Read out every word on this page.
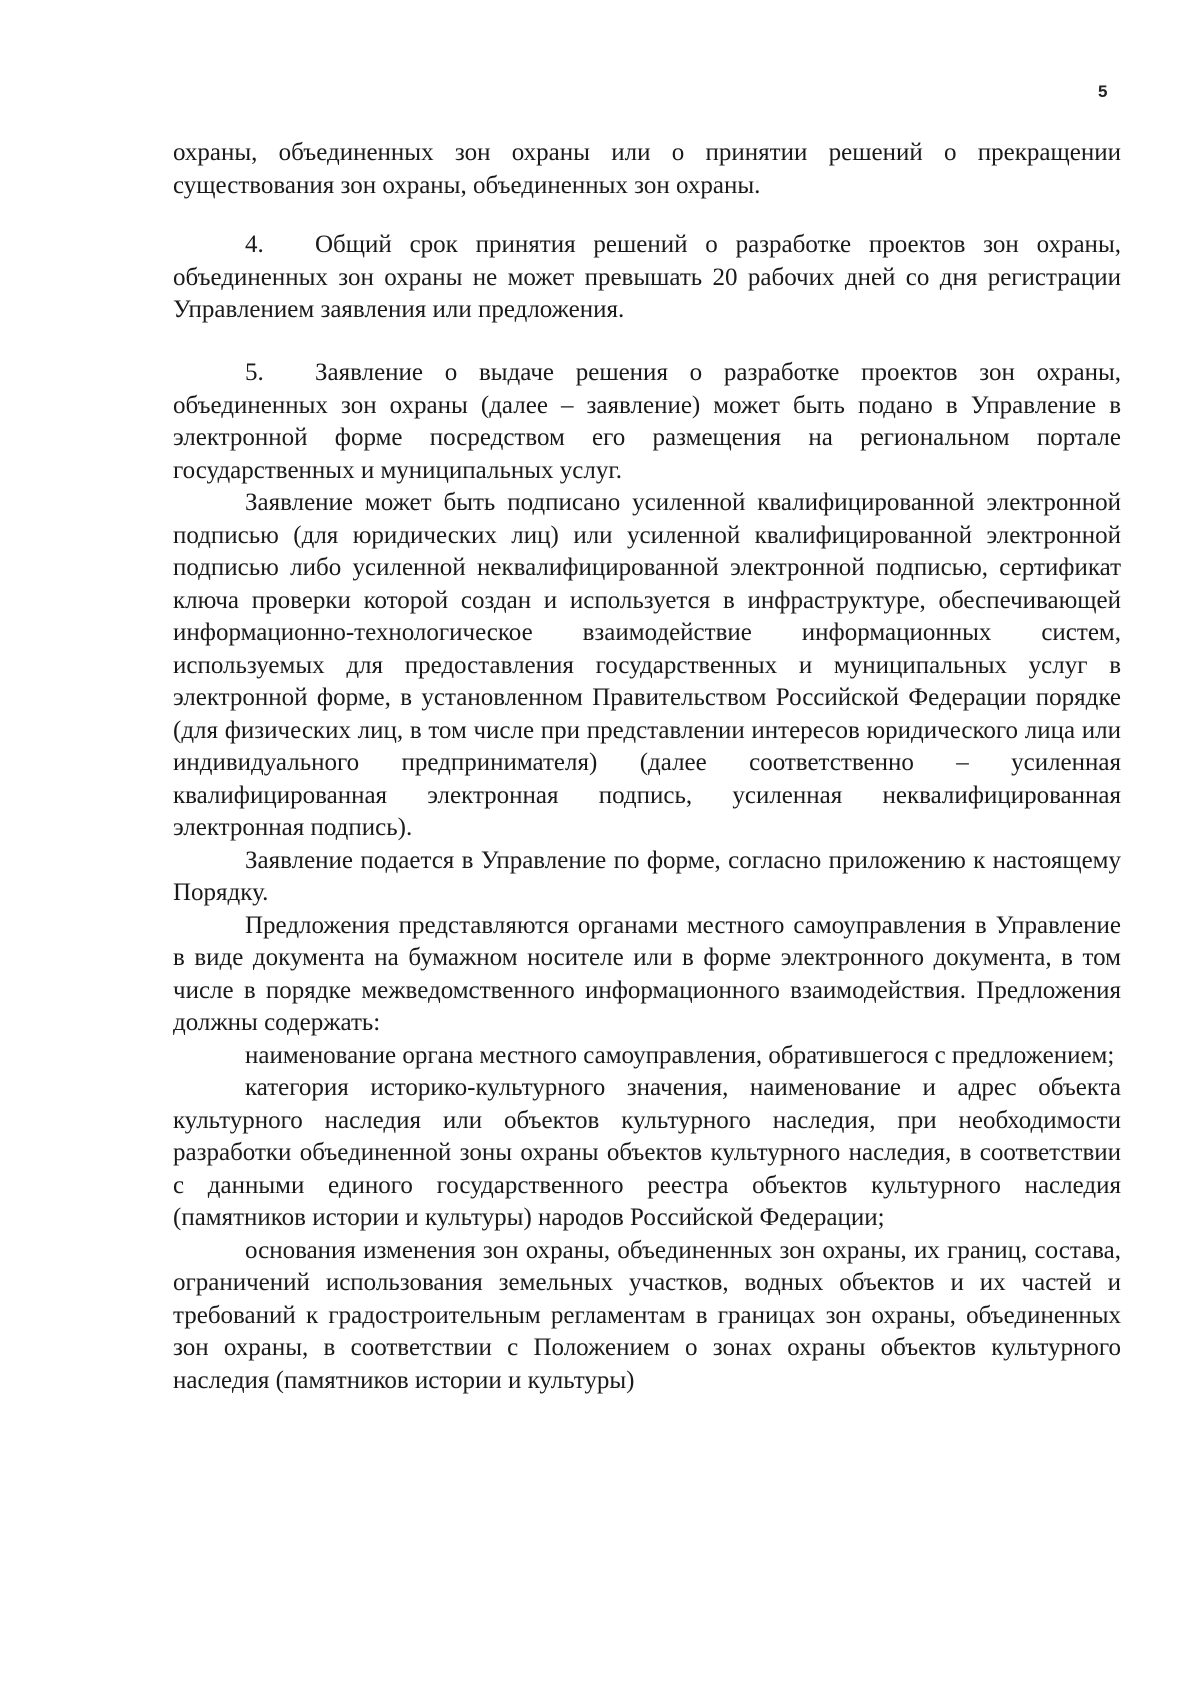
5

охраны, объединенных зон охраны или о принятии решений о прекращении существования зон охраны, объединенных зон охраны.

4. Общий срок принятия решений о разработке проектов зон охраны, объединенных зон охраны не может превышать 20 рабочих дней со дня регистрации Управлением заявления или предложения.

5. Заявление о выдаче решения о разработке проектов зон охраны, объединенных зон охраны (далее – заявление) может быть подано в Управление в электронной форме посредством его размещения на региональном портале государственных и муниципальных услуг.

Заявление может быть подписано усиленной квалифицированной электронной подписью (для юридических лиц) или усиленной квалифицированной электронной подписью либо усиленной неквалифицированной электронной подписью, сертификат ключа проверки которой создан и используется в инфраструктуре, обеспечивающей информационно-технологическое взаимодействие информационных систем, используемых для предоставления государственных и муниципальных услуг в электронной форме, в установленном Правительством Российской Федерации порядке (для физических лиц, в том числе при представлении интересов юридического лица или индивидуального предпринимателя) (далее соответственно – усиленная квалифицированная электронная подпись, усиленная неквалифицированная электронная подпись).

Заявление подается в Управление по форме, согласно приложению к настоящему Порядку.

Предложения представляются органами местного самоуправления в Управление в виде документа на бумажном носителе или в форме электронного документа, в том числе в порядке межведомственного информационного взаимодействия. Предложения должны содержать:

наименование органа местного самоуправления, обратившегося с предложением;

категория историко-культурного значения, наименование и адрес объекта культурного наследия или объектов культурного наследия, при необходимости разработки объединенной зоны охраны объектов культурного наследия, в соответствии с данными единого государственного реестра объектов культурного наследия (памятников истории и культуры) народов Российской Федерации;

основания изменения зон охраны, объединенных зон охраны, их границ, состава, ограничений использования земельных участков, водных объектов и их частей и требований к градостроительным регламентам в границах зон охраны, объединенных зон охраны, в соответствии с Положением о зонах охраны объектов культурного наследия (памятников истории и культуры)
